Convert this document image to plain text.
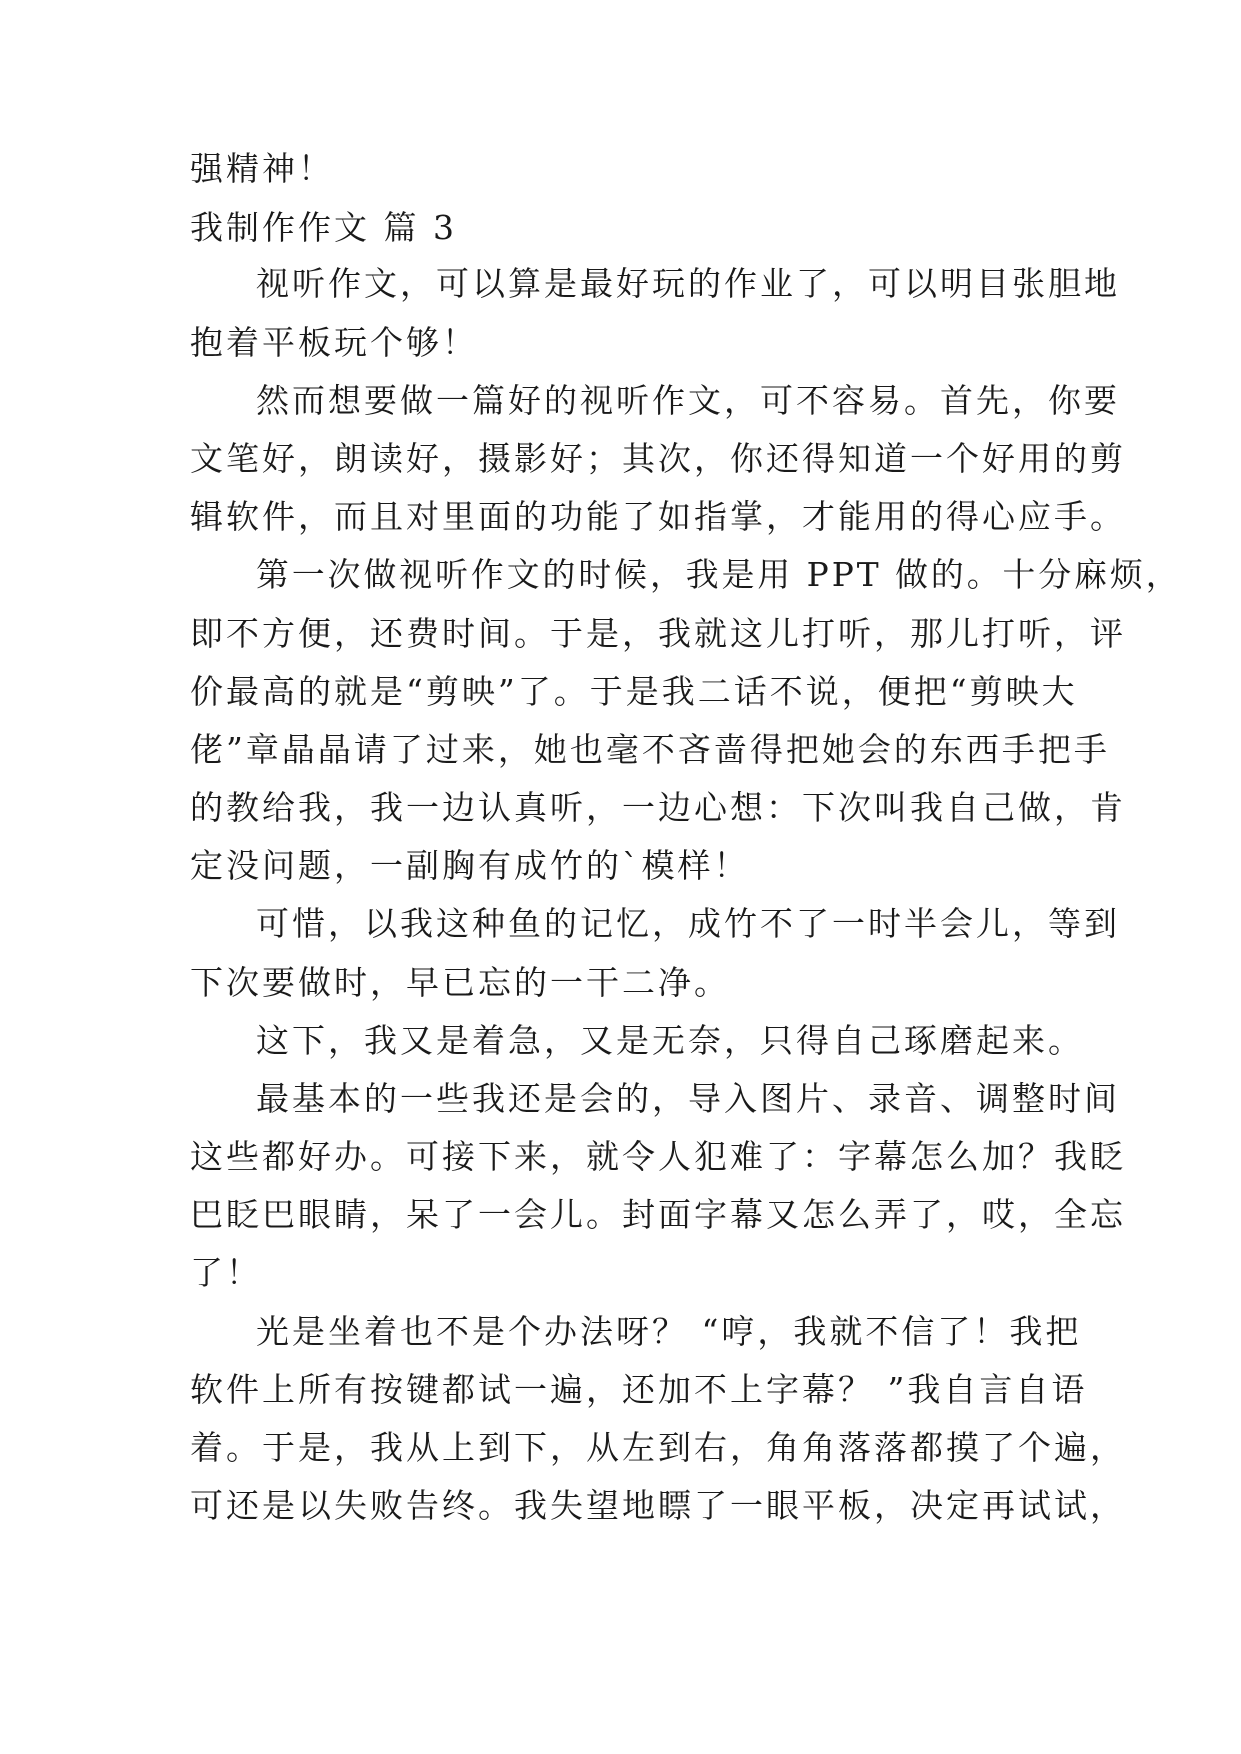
强精神！
我制作作文 篇 3
视听作文，可以算是最好玩的作业了，可以明目张胆地
抱着平板玩个够！
然而想要做一篇好的视听作文，可不容易。首先，你要
文笔好，朗读好，摄影好；其次，你还得知道一个好用的剪
辑软件，而且对里面的功能了如指掌，才能用的得心应手。
第一次做视听作文的时候，我是用 PPT 做的。十分麻烦，
即不方便，还费时间。于是，我就这儿打听，那儿打听，评
价最高的就是“剪映”了。于是我二话不说，便把“剪映大
佬”章晶晶请了过来，她也毫不吝啬得把她会的东西手把手
的教给我，我一边认真听，一边心想：下次叫我自己做，肯
定没问题，一副胸有成竹的`模样！
可惜，以我这种鱼的记忆，成竹不了一时半会儿，等到
下次要做时，早已忘的一干二净。
这下，我又是着急，又是无奈，只得自己琢磨起来。
最基本的一些我还是会的，导入图片、录音、调整时间
这些都好办。可接下来，就令人犯难了：字幕怎么加？我眨
巴眨巴眼睛，呆了一会儿。封面字幕又怎么弄了，哎，全忘
了！
光是坐着也不是个办法呀？ “哼，我就不信了！我把
软件上所有按键都试一遍，还加不上字幕？ ”我自言自语
着。于是，我从上到下，从左到右，角角落落都摸了个遍，
可还是以失败告终。我失望地瞟了一眼平板，决定再试试，
